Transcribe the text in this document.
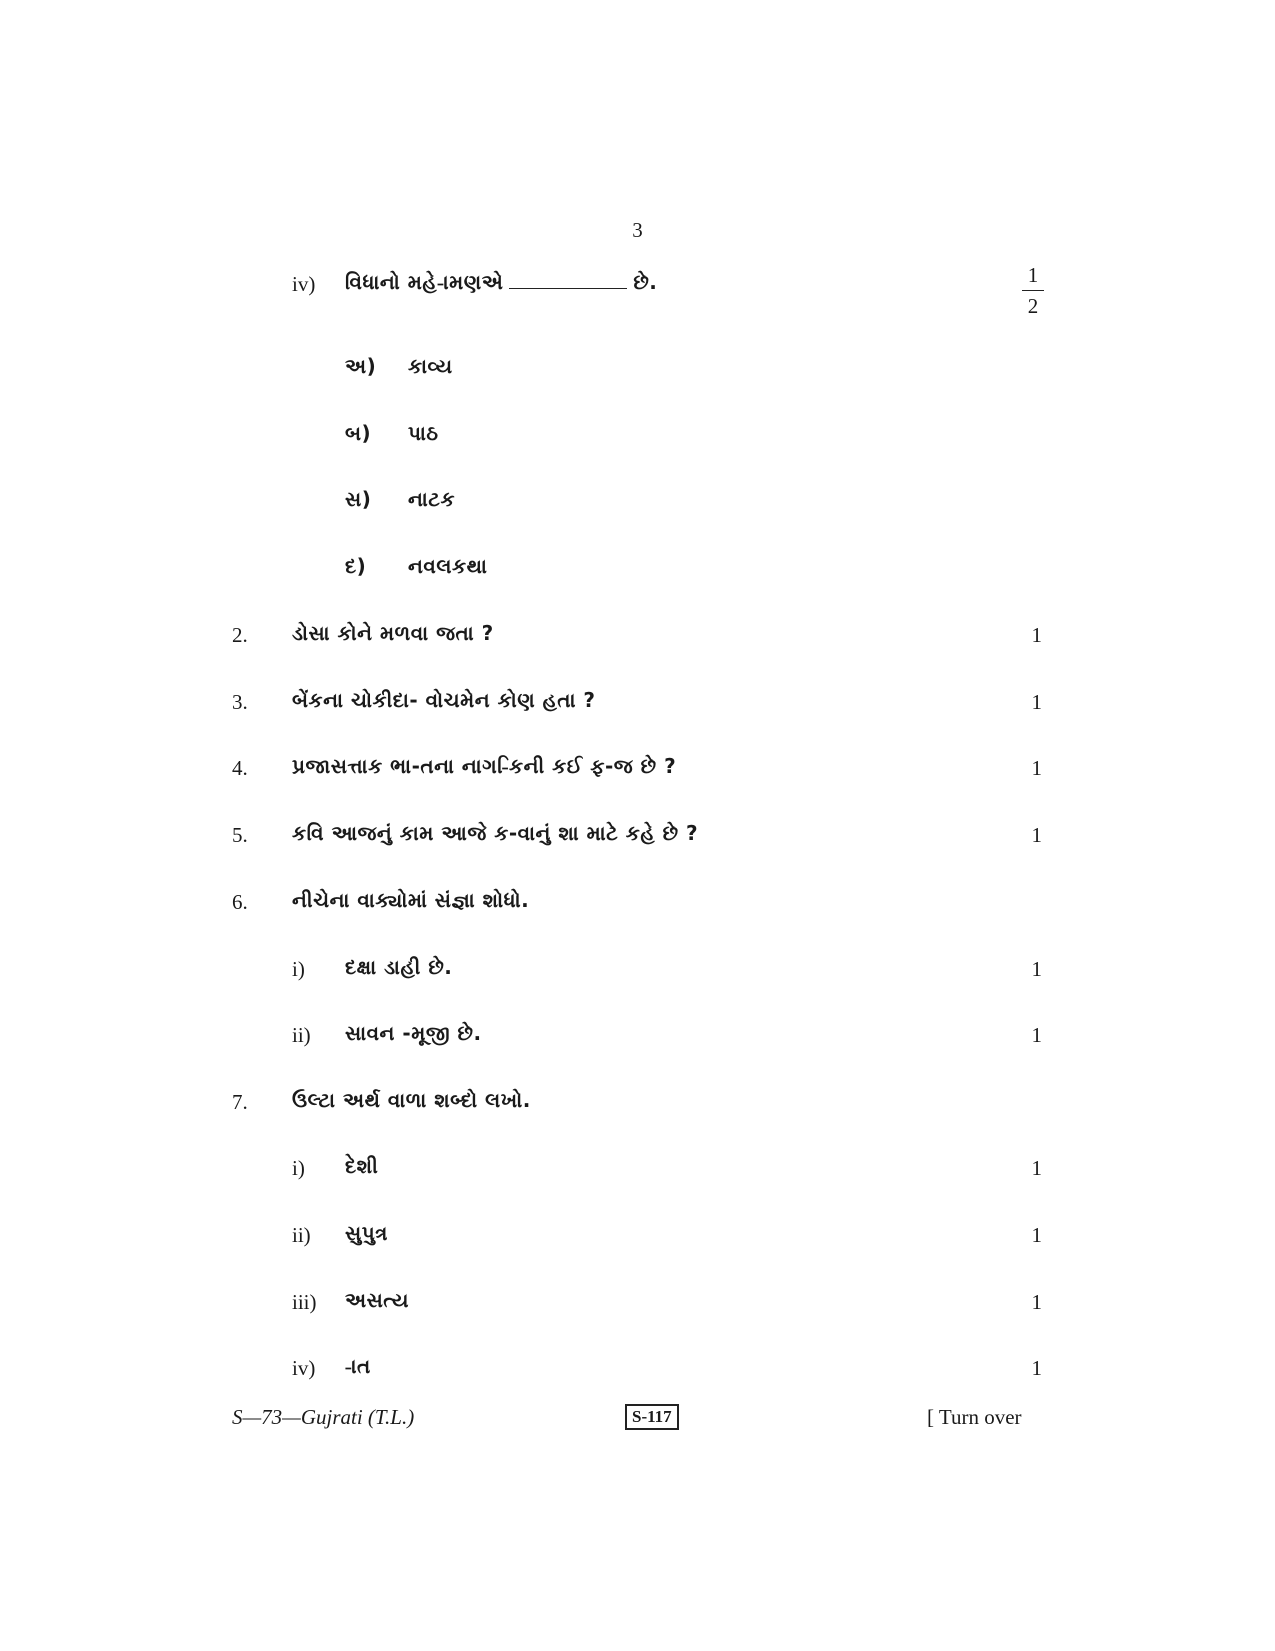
3
iv) વિધાનો મહે-ામણએ	છે.	1
2
અ) કાવ્ય
બ) પાઠ
સ) નાટક
દ) નવલકથા
2. ડોસા કોને મળવા જતા ?	1
3. બેંકના ચોકીદા- વોચમેન કોણ હતા ?	1
4. પ્રજાસત્તાક ભા-તના નાગ-િકની કઈ ફ-જ છે ?	1
5. કવિ આજનું કામ આજે ક-વાનું શા માટે કહે છે ?	1
6. નીચેના વાક્યોમાં સંજ્ઞા શોધો.
i) દક્ષા ડાહી છે.	1
ii) સાવન -મૂજી છે.	1
7. ઉલ્ટા અર્થ વાળા શબ્દો લખો.
i) દેશી	1
ii) સુપુત્ર	1
iii) અસત્ય	1
iv) -ાત	1
S—73—Gujrati (T.L.)	S-117	[ Turn over
